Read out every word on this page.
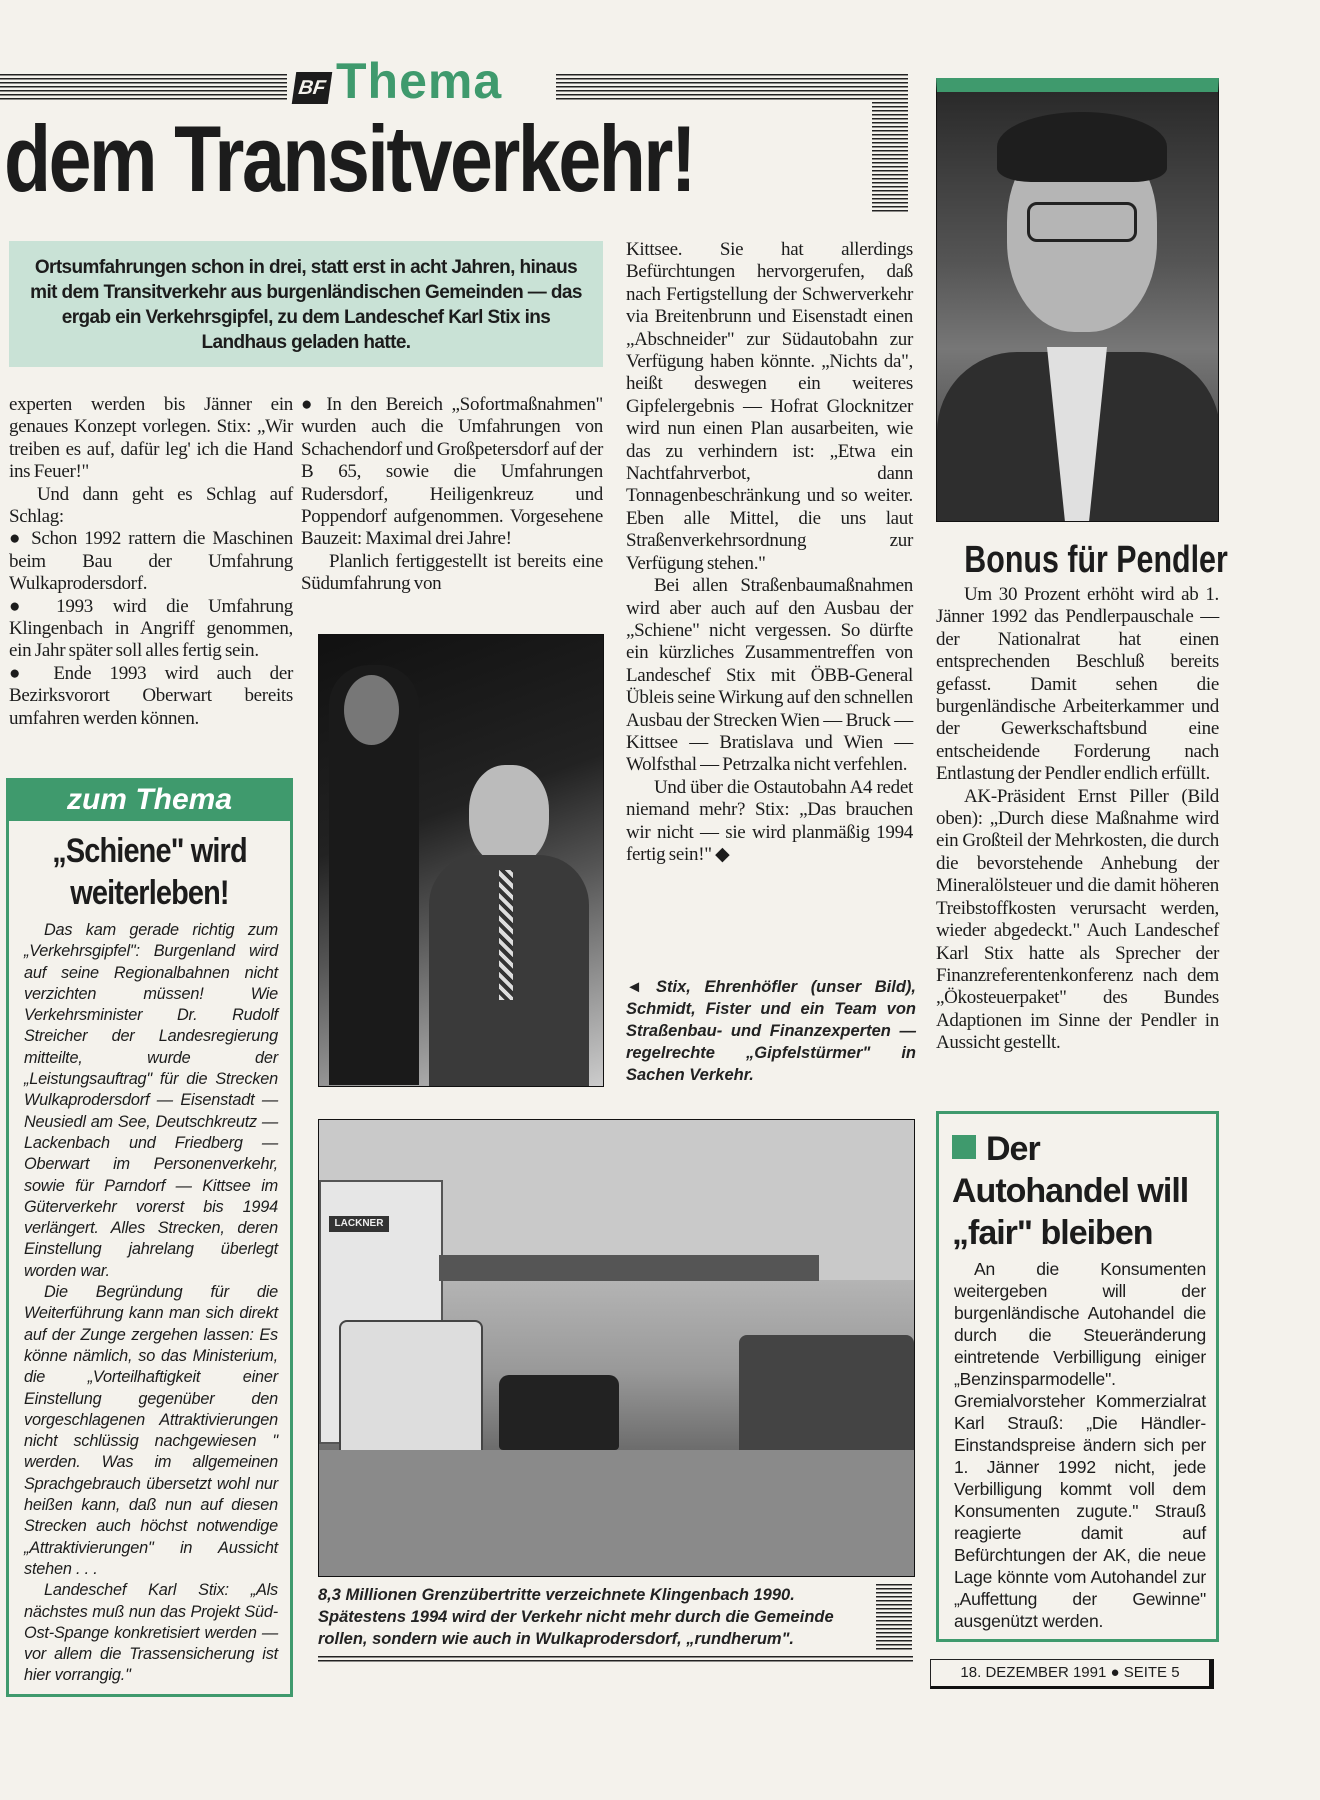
BF Thema
dem Transitverkehr!
Ortsumfahrungen schon in drei, statt erst in acht Jahren, hinaus mit dem Transitverkehr aus burgenländischen Gemeinden — das ergab ein Verkehrsgipfel, zu dem Landeschef Karl Stix ins Landhaus geladen hatte.

experten werden bis Jänner ein genaues Konzept vorlegen. Stix: „Wir treiben es auf, dafür leg' ich die Hand ins Feuer!"

Und dann geht es Schlag auf Schlag:

● Schon 1992 rattern die Maschinen beim Bau der Umfahrung Wulkaprodersdorf.

● 1993 wird die Umfahrung Klingenbach in Angriff genommen, ein Jahr später soll alles fertig sein.

● Ende 1993 wird auch der Bezirksvorort Oberwart bereits umfahren werden können.

● In den Bereich „Sofortmaßnahmen" wurden auch die Umfahrungen von Schachendorf und Großpetersdorf auf der B 65, sowie die Umfahrungen Rudersdorf, Heiligenkreuz und Poppendorf aufgenommen. Vorgesehene Bauzeit: Maximal drei Jahre!

Planlich fertiggestellt ist bereits eine Südumfahrung von

Kittsee. Sie hat allerdings Befürchtungen hervorgerufen, daß nach Fertigstellung der Schwerverkehr via Breitenbrunn und Eisenstadt einen „Abschneider" zur Südautobahn zur Verfügung haben könnte. „Nichts da", heißt deswegen ein weiteres Gipfelergebnis — Hofrat Glocknitzer wird nun einen Plan ausarbeiten, wie das zu verhindern ist: „Etwa ein Nachtfahrverbot, dann Tonnagenbeschränkung und so weiter. Eben alle Mittel, die uns laut Straßenverkehrsordnung zur Verfügung stehen."

Bei allen Straßenbaumaßnahmen wird aber auch auf den Ausbau der „Schiene" nicht vergessen. So dürfte ein kürzliches Zusammentreffen von Landeschef Stix mit ÖBB-General Übleis seine Wirkung auf den schnellen Ausbau der Strecken Wien — Bruck — Kittsee — Bratislava und Wien — Wolfsthal — Petrzalka nicht verfehlen.

Und über die Ostautobahn A4 redet niemand mehr? Stix: „Das brauchen wir nicht — sie wird planmäßig 1994 fertig sein!" ◆

LACKNER
◄ Stix, Ehrenhöfler (unser Bild), Schmidt, Fister und ein Team von Straßenbau- und Finanzexperten — regelrechte „Gipfelstürmer" in Sachen Verkehr.
8,3 Millionen Grenzübertritte verzeichnete Klingenbach 1990. Spätestens 1994 wird der Verkehr nicht mehr durch die Gemeinde rollen, sondern wie auch in Wulkaprodersdorf, „rundherum".
zum Thema
„Schiene" wird weiterleben!

Das kam gerade richtig zum „Verkehrsgipfel": Burgenland wird auf seine Regionalbahnen nicht verzichten müssen! Wie Verkehrsminister Dr. Rudolf Streicher der Landesregierung mitteilte, wurde der „Leistungsauftrag" für die Strecken Wulkaprodersdorf — Eisenstadt — Neusiedl am See, Deutschkreutz — Lackenbach und Friedberg — Oberwart im Personenverkehr, sowie für Parndorf — Kittsee im Güterverkehr vorerst bis 1994 verlängert. Alles Strecken, deren Einstellung jahrelang überlegt worden war.

Die Begründung für die Weiterführung kann man sich direkt auf der Zunge zergehen lassen: Es könne nämlich, so das Ministerium, die „Vorteilhaftigkeit einer Einstellung gegenüber den vorgeschlagenen Attraktivierungen nicht schlüssig nachgewiesen " werden. Was im allgemeinen Sprachgebrauch übersetzt wohl nur heißen kann, daß nun auf diesen Strecken auch höchst notwendige „Attraktivierungen" in Aussicht stehen . . .

Landeschef Karl Stix: „Als nächstes muß nun das Projekt Süd-Ost-Spange konkretisiert werden — vor allem die Trassensicherung ist hier vorrangig."

Bonus für Pendler

Um 30 Prozent erhöht wird ab 1. Jänner 1992 das Pendlerpauschale — der Nationalrat hat einen entsprechenden Beschluß bereits gefasst. Damit sehen die burgenländische Arbeiterkammer und der Gewerkschaftsbund eine entscheidende Forderung nach Entlastung der Pendler endlich erfüllt.

AK-Präsident Ernst Piller (Bild oben): „Durch diese Maßnahme wird ein Großteil der Mehrkosten, die durch die bevorstehende Anhebung der Mineralölsteuer und die damit höheren Treibstoffkosten verursacht werden, wieder abgedeckt." Auch Landeschef Karl Stix hatte als Sprecher der Finanzreferentenkonferenz nach dem „Ökosteuerpaket" des Bundes Adaptionen im Sinne der Pendler in Aussicht gestellt.

Der Autohandel will „fair" bleiben

An die Konsumenten weitergeben will der burgenländische Autohandel die durch die Steueränderung eintretende Verbilligung einiger „Benzinsparmodelle". Gremialvorsteher Kommerzialrat Karl Strauß: „Die Händler-Einstandspreise ändern sich per 1. Jänner 1992 nicht, jede Verbilligung kommt voll dem Konsumenten zugute." Strauß reagierte damit auf Befürchtungen der AK, die neue Lage könnte vom Autohandel zur „Auffettung der Gewinne" ausgenützt werden.

18. DEZEMBER 1991 ● SEITE 5
